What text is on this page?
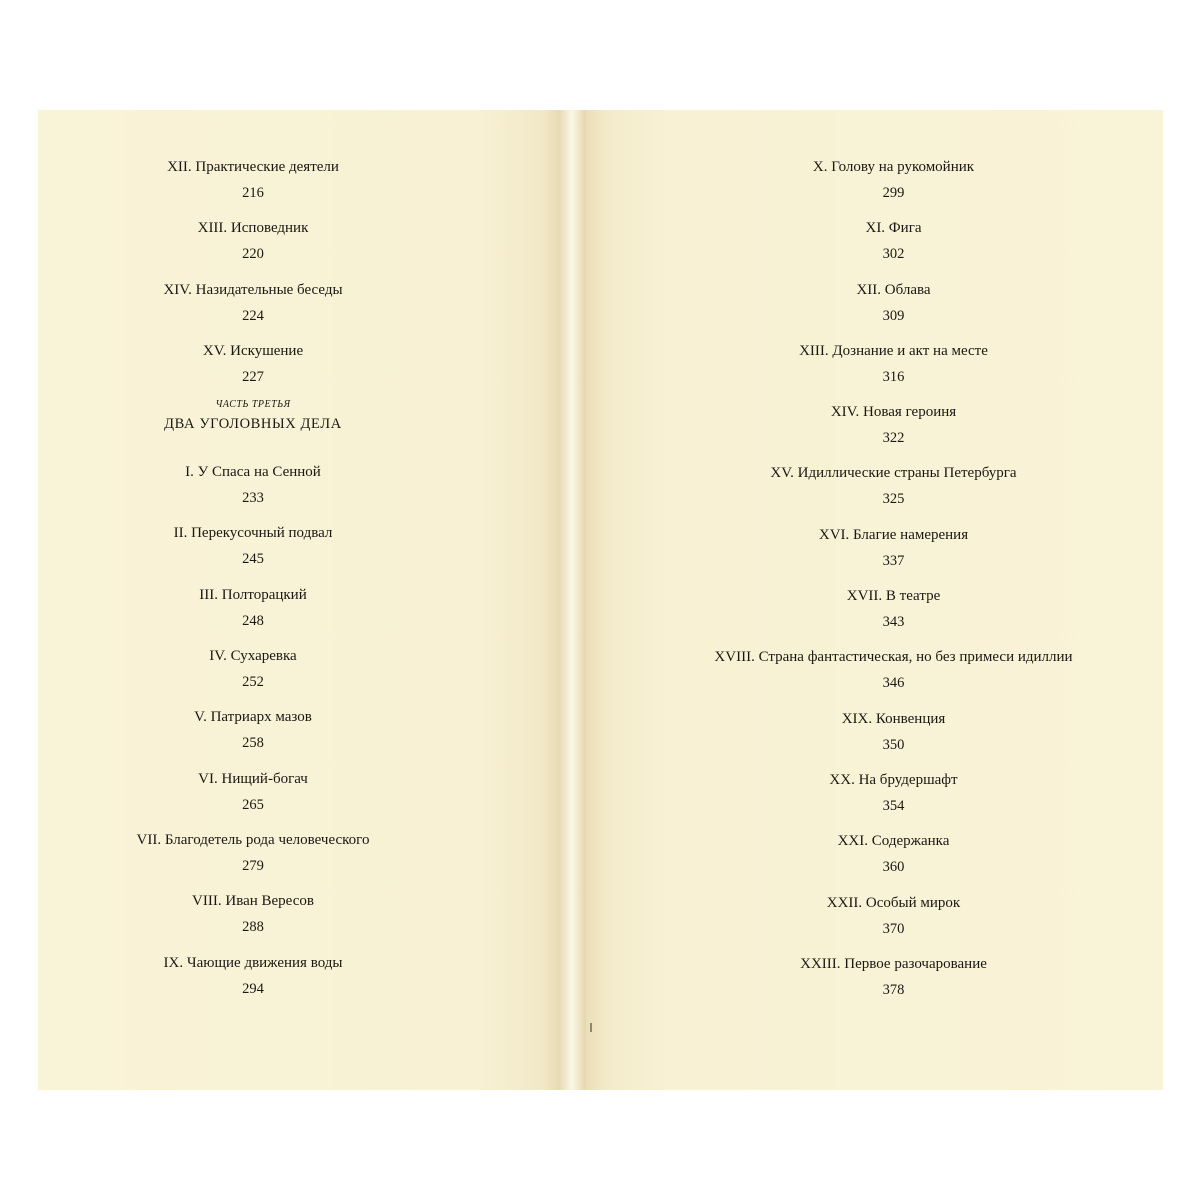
XII. Практические деятели
216
XIII. Исповедник
220
XIV. Назидательные беседы
224
XV. Искушение
227
ЧАСТЬ ТРЕТЬЯ
ДВА УГОЛОВНЫХ ДЕЛА
I. У Спаса на Сенной
233
II. Перекусочный подвал
245
III. Полторацкий
248
IV. Сухаревка
252
V. Патриарх мазов
258
VI. Нищий-богач
265
VII. Благодетель рода человеческого
279
VIII. Иван Вересов
288
IX. Чающие движения воды
294
X. Голову на рукомойник
299
XI. Фига
302
XII. Облава
309
XIII. Дознание и акт на месте
316
XIV. Новая героиня
322
XV. Идиллические страны Петербурга
325
XVI. Благие намерения
337
XVII. В театре
343
XVIII. Страна фантастическая, но без примеси идиллии
346
XIX. Конвенция
350
XX. На брудершафт
354
XXI. Содержанка
360
XXII. Особый мирок
370
XXIII. Первое разочарование
378
